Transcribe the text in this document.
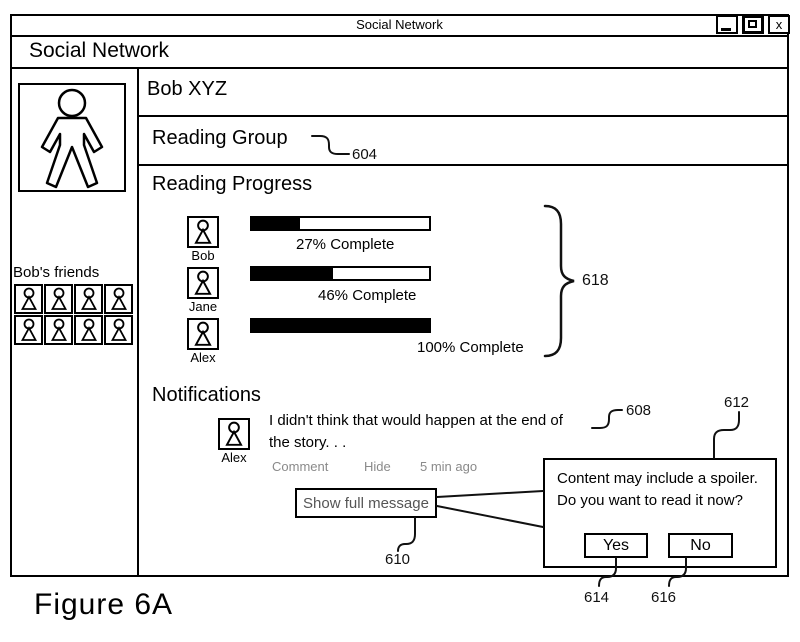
Social Network	x
Social Network
Bob's friends
Bob XYZ
Reading Group
Reading Progress
Bob
27% Complete
Jane
46% Complete
Alex
100% Complete
Notifications
Alex
I didn't think that would happen at the end of
the story. . .
Comment	Hide 5 min ago
Show full message
Content may include a spoiler.
Do you want to read it now?
Yes	No
604
618
608	612
610
614	616
Figure 6A
